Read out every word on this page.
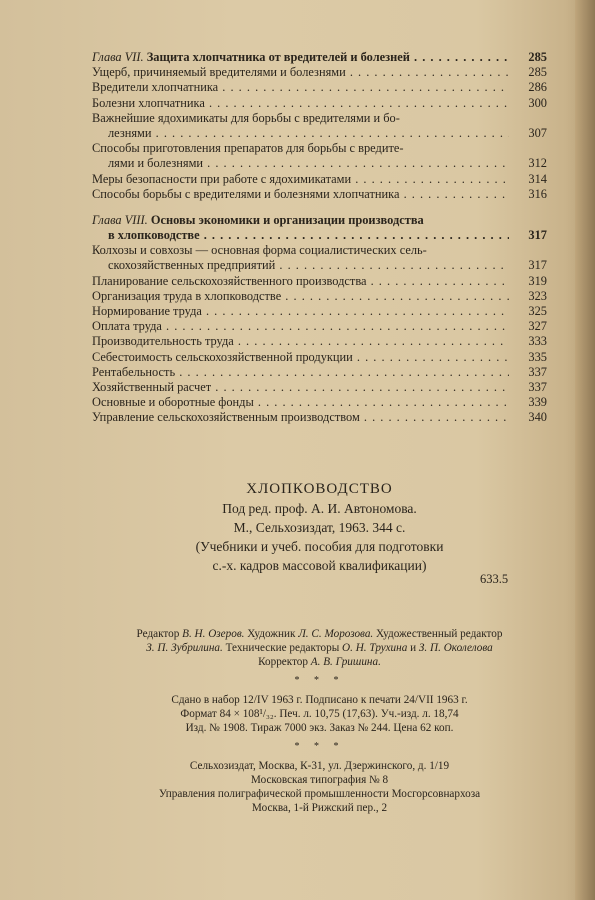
Глава VII. Защита хлопчатника от вредителей и болезней . . .	285
Ущерб, причиняемый вредителями и болезнями . . .	285
Вредители хлопчатника . . .	286
Болезни хлопчатника . . .	300
Важнейшие ядохимикаты для борьбы с вредителями и бо-
лезнями . . .	307
Способы приготовления препаратов для борьбы с вредите-
лями и болезнями . . .	312
Меры безопасности при работе с ядохимикатами . . .	314
Способы борьбы с вредителями и болезнями хлопчатника . . .	316
Глава VIII. Основы экономики и организации производства
в хлопководстве . . .	317
Колхозы и совхозы — основная форма социалистических сель-
скохозяйственных предприятий . . .	317
Планирование сельскохозяйственного производства . . .	319
Организация труда в хлопководстве . . .	323
Нормирование труда . . .	325
Оплата труда . . .	327
Производительность труда . . .	333
Себестоимость сельскохозяйственной продукции . . .	335
Рентабельность . . .	337
Хозяйственный расчет . . .	337
Основные и оборотные фонды . . .	339
Управление сельскохозяйственным производством . . .	340
ХЛОПКОВОДСТВО
Под ред. проф. А. И. Автономова.
М., Сельхозиздат, 1963. 344 с.
(Учебники и учеб. пособия для подготовки
с.-х. кадров массовой квалификации)
633.5
Редактор В. Н. Озеров. Художник Л. С. Морозова. Художественный редактор
З. П. Зубрилина. Технические редакторы О. Н. Трухина и З. П. Околелова
Корректор А. В. Гришина.
* * *
Сдано в набор 12/IV 1963 г. Подписано к печати 24/VII 1963 г.
Формат 84 × 108¹/₃₂. Печ. л. 10,75 (17,63). Уч.-изд. л. 18,74
Изд. № 1908. Тираж 7000 экз. Заказ № 244. Цена 62 коп.
* * *
Сельхозиздат, Москва, К-31, ул. Дзержинского, д. 1/19
Московская типография № 8
Управления полиграфической промышленности Мосгорсовнархоза
Москва, 1-й Рижский пер., 2
